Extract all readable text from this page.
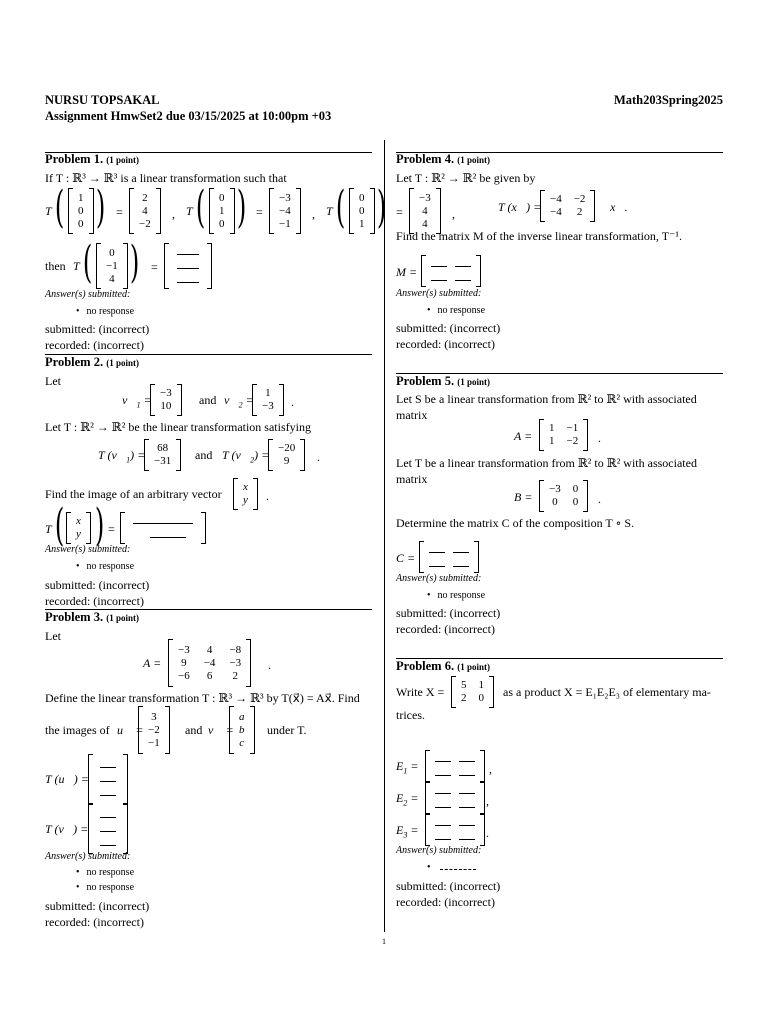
NURSU TOPSAKAL	Math203Spring2025
Assignment HmwSet2 due 03/15/2025 at 10:00pm +03
Problem 1. (1 point)
If T : ℝ³ → ℝ³ is a linear transformation such that
T ( 1
0
0 ) =
2
4
−2
, T ( 0
1
0 ) =
−3
−4
−1
, T ( 0
0
1 ) =
−3
4
4
,
then T ( 0
−1
4 ) =
Answer(s) submitted:
• no response
submitted: (incorrect)
recorded: (incorrect)
Problem 2. (1 point)
Let
$v⃗_1 = -3$
10 and $v⃗_2 = 1$
−3 .
Let T : ℝ² → ℝ² be the linear transformation satisfying
T $(v⃗_1) = 68$
−31 and T $(v⃗_2) = -20$
9	.
Find the image of an arbitrary vector x
y .
T ( x
y ) =
Answer(s) submitted:
• no response
submitted: (incorrect)
recorded: (incorrect)
Problem 3. (1 point)
Let
A =
−3 4 −8
9 −4 −3
−6 6 2
.
Define the linear transformation T : ℝ³ → ℝ³ by T(x⃗) = Ax⃗. Find
the images of u⃗ =
3
−2
−1
and v⃗ =
a
b
c
under T.
T (u⃗) =
T (v⃗) =
Answer(s) submitted:
• no response
• no response
submitted: (incorrect)
recorded: (incorrect)
Problem 4. (1 point)
Let T : ℝ² → ℝ² be given by
T (x⃗) =
−4 −2
−4 2 x⃗.
Find the matrix M of the inverse linear transformation, T⁻¹.
M =
Answer(s) submitted:
• no response
submitted: (incorrect)
recorded: (incorrect)
Problem 5. (1 point)
Let S be a linear transformation from ℝ² to ℝ² with associated
matrix
A =
1 −1
1 −2 .
Let T be a linear transformation from ℝ² to ℝ² with associated
matrix
B =
−3 0
0 0 .
Determine the matrix C of the composition T ∘ S.
C =
Answer(s) submitted:
• no response
submitted: (incorrect)
recorded: (incorrect)
Problem 6. (1 point)
Write X = 5 1
2 0 as a product X = E₁E₂E₃ of elementary ma-
trices.
$E_1$ =	,
$E_2$ =	,
$E_3$ =	.
Answer(s) submitted:
•
submitted: (incorrect)
recorded: (incorrect)
1
